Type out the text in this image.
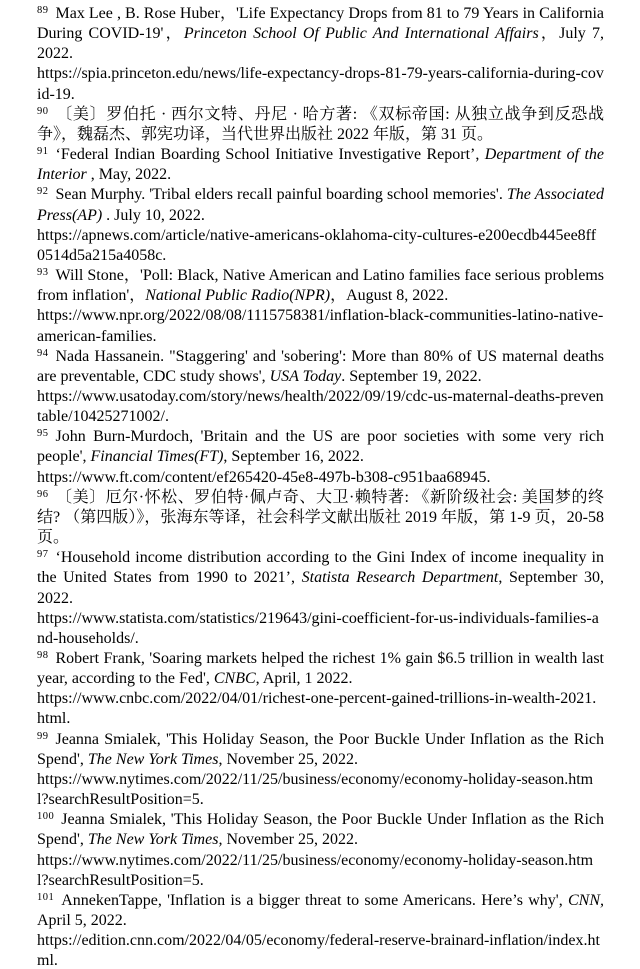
$^{89}$ Max Lee , B. Rose Huber，'Life Expectancy Drops from 81 to 79 Years in California During COVID-19'，Princeton School Of Public And International Affairs，July 7, 2022.
https://spia.princeton.edu/news/life-expectancy-drops-81-79-years-california-during-covid-19.
$^{90}$ 〔美〕罗伯托 · 西尔文特、丹尼 · 哈方著: 《双标帝国: 从独立战争到反恐战争》，魏磊杰、郭宪功译，当代世界出版社 2022 年版，第 31 页。
$^{91}$ ‘Federal Indian Boarding School Initiative Investigative Report’, Department of the Interior , May, 2022.
$^{92}$ Sean Murphy. 'Tribal elders recall painful boarding school memories'. The Associated Press(AP) . July 10, 2022.
https://apnews.com/article/native-americans-oklahoma-city-cultures-e200ecdb445ee8ff0514d5a215a4058c.
$^{93}$ Will Stone，'Poll: Black, Native American and Latino families face serious problems from inflation'，National Public Radio(NPR)，August 8, 2022.
https://www.npr.org/2022/08/08/1115758381/inflation-black-communities-latino-native-american-families.
$^{94}$ Nada Hassanein. "Staggering' and 'sobering': More than 80% of US maternal deaths are preventable, CDC study shows', USA Today. September 19, 2022.
https://www.usatoday.com/story/news/health/2022/09/19/cdc-us-maternal-deaths-preventable/10425271002/.
$^{95}$ John Burn-Murdoch, 'Britain and the US are poor societies with some very rich people', Financial Times(FT), September 16, 2022.
https://www.ft.com/content/ef265420-45e8-497b-b308-c951baa68945.
$^{96}$ 〔美〕厄尔·怀松、罗伯特·佩卢奇、大卫·赖特著: 《新阶级社会: 美国梦的终结? （第四版）》，张海东等译，社会科学文献出版社 2019 年版，第 1-9 页，20-58 页。
$^{97}$ ‘Household income distribution according to the Gini Index of income inequality in the United States from 1990 to 2021’, Statista Research Department, September 30, 2022.
https://www.statista.com/statistics/219643/gini-coefficient-for-us-individuals-families-and-households/.
$^{98}$ Robert Frank, 'Soaring markets helped the richest 1% gain $6.5 trillion in wealth last year, according to the Fed', CNBC, April, 1 2022.
https://www.cnbc.com/2022/04/01/richest-one-percent-gained-trillions-in-wealth-2021.html.
$^{99}$ Jeanna Smialek, 'This Holiday Season, the Poor Buckle Under Inflation as the Rich Spend', The New York Times, November 25, 2022.
https://www.nytimes.com/2022/11/25/business/economy/economy-holiday-season.html?searchResultPosition=5.
$^{100}$ Jeanna Smialek, 'This Holiday Season, the Poor Buckle Under Inflation as the Rich Spend', The New York Times, November 25, 2022.
https://www.nytimes.com/2022/11/25/business/economy/economy-holiday-season.html?searchResultPosition=5.
$^{101}$ AnnekenTappe, 'Inflation is a bigger threat to some Americans. Here’s why', CNN, April 5, 2022.
https://edition.cnn.com/2022/04/05/economy/federal-reserve-brainard-inflation/index.html.
